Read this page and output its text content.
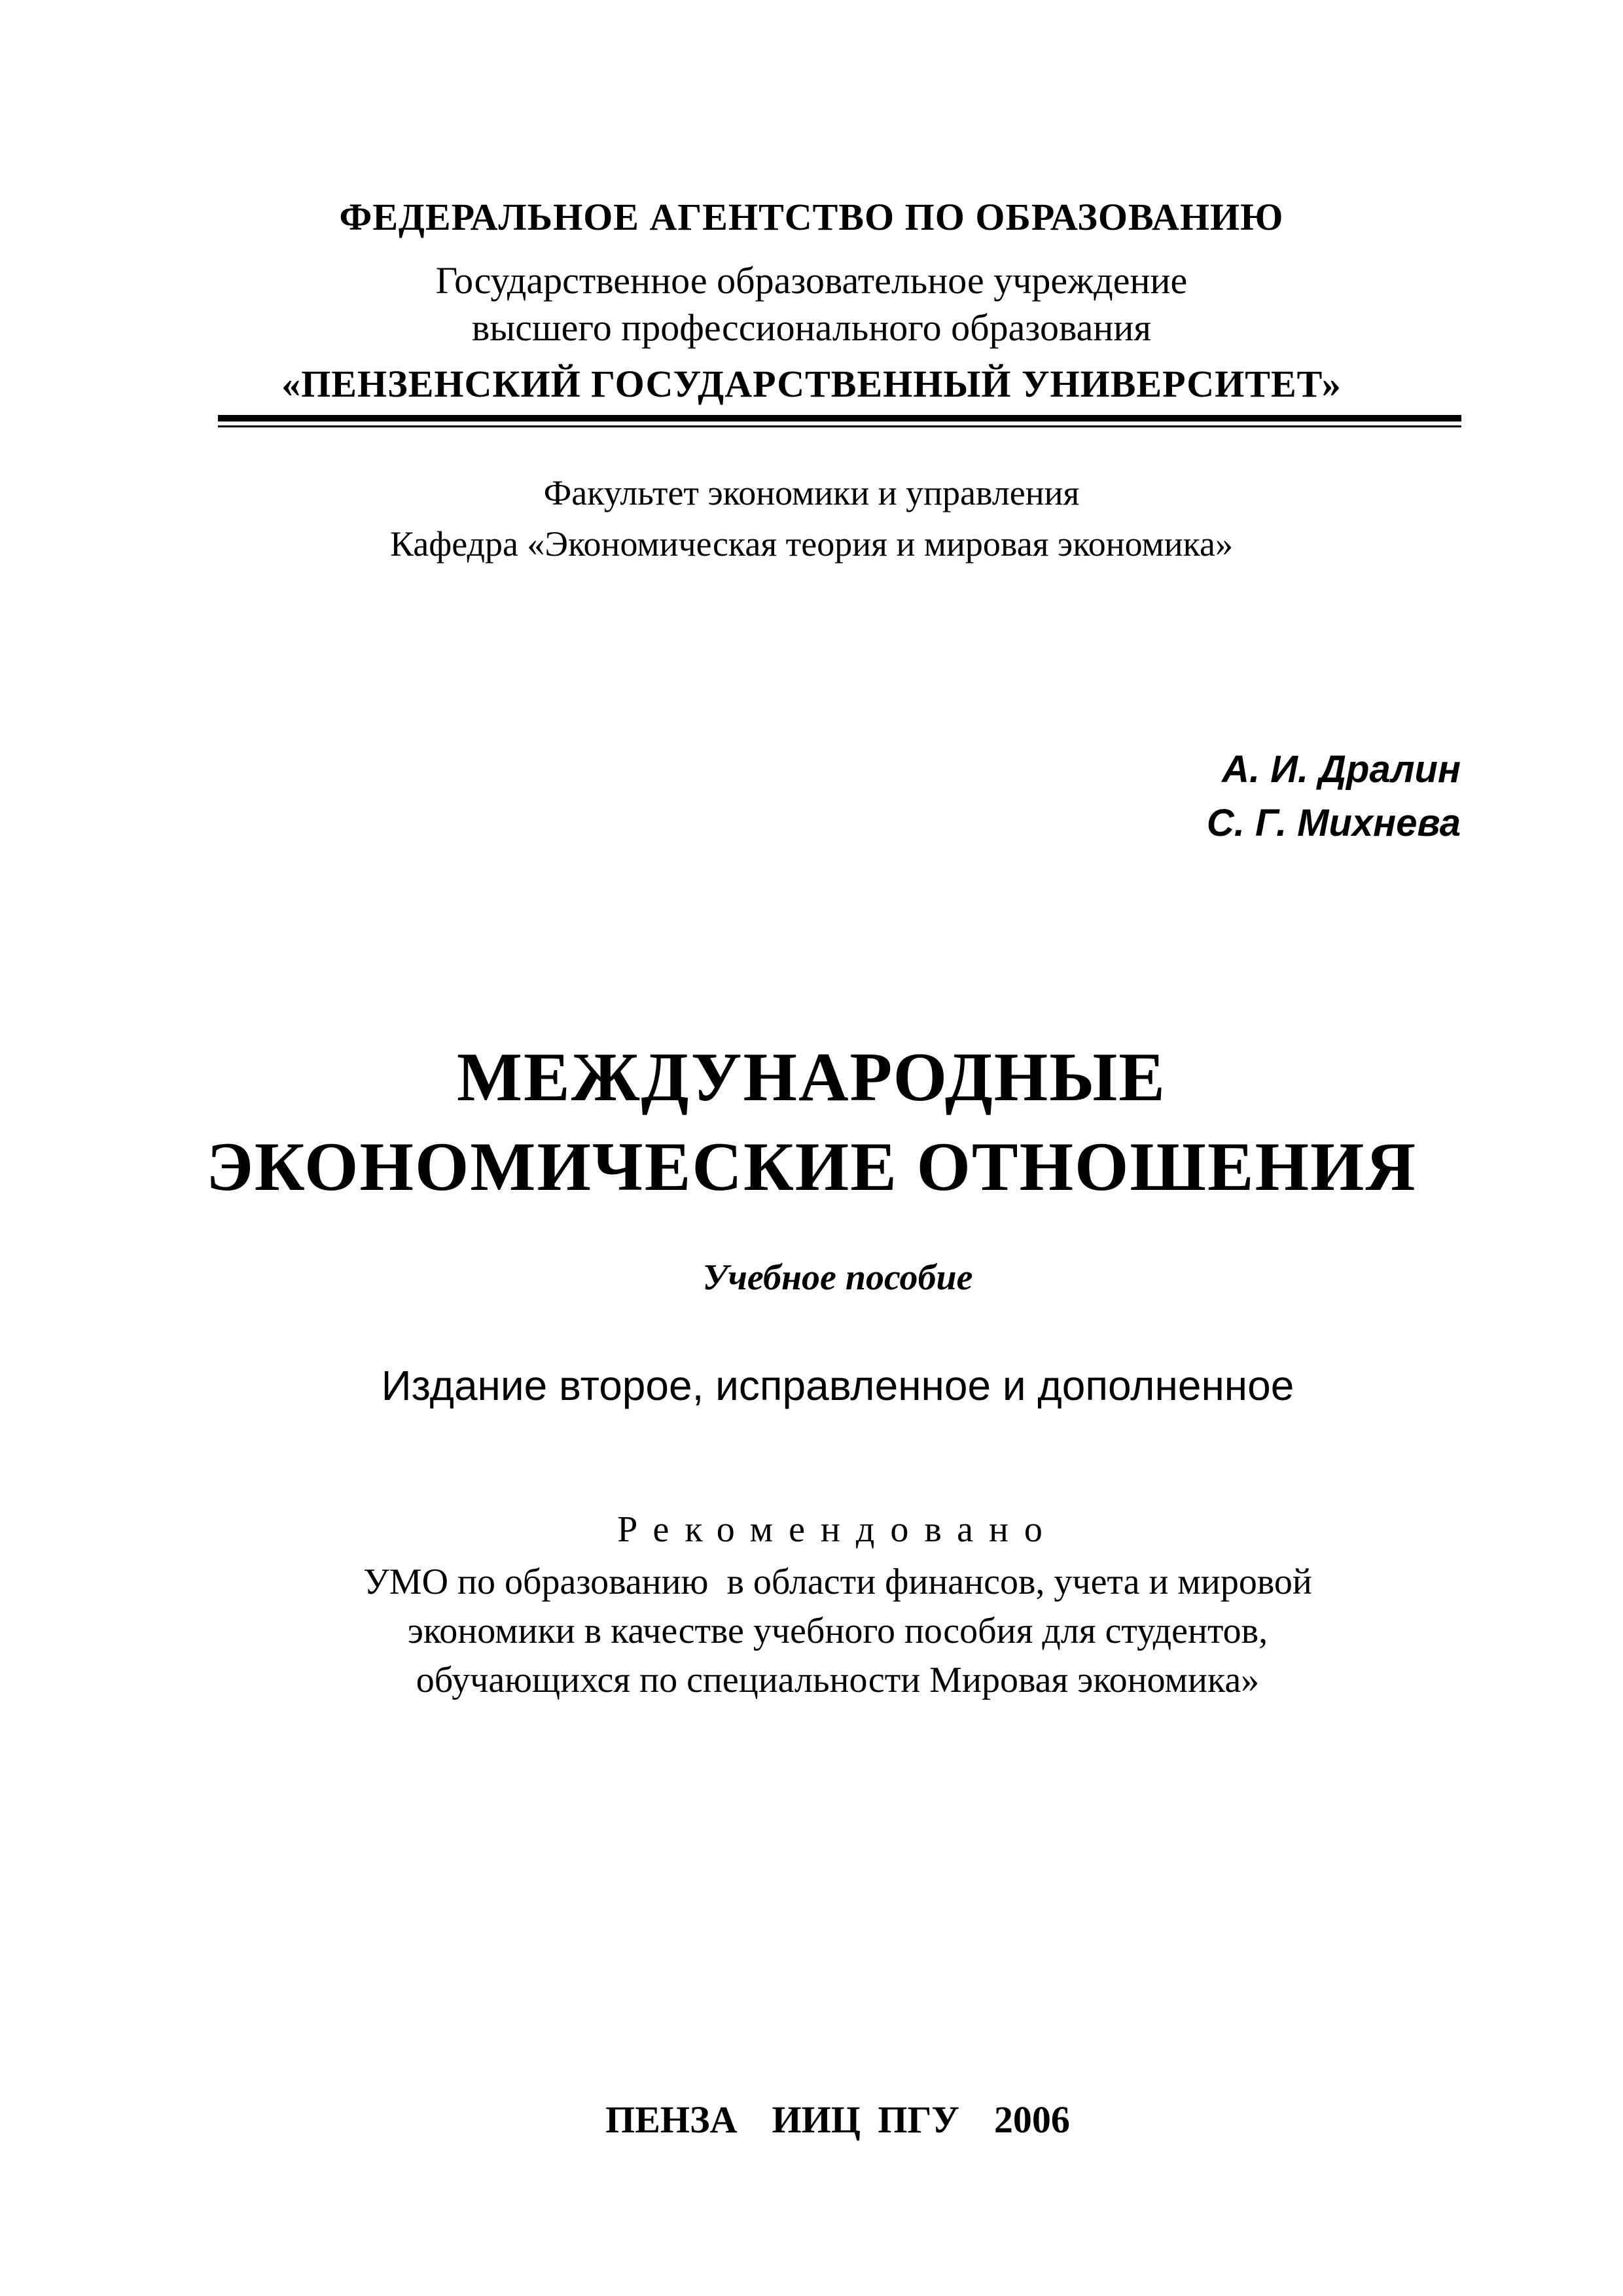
ФЕДЕРАЛЬНОЕ АГЕНТСТВО ПО ОБРАЗОВАНИЮ

Государственное образовательное учреждение

высшего профессионального образования

«ПЕНЗЕНСКИЙ ГОСУДАРСТВЕННЫЙ УНИВЕРСИТЕТ»

Факультет экономики и управления

Кафедра «Экономическая теория и мировая экономика»

А. И. Дралин

С. Г. Михнева

МЕЖДУНАРОДНЫЕ

ЭКОНОМИЧЕСКИЕ ОТНОШЕНИЯ

Учебное пособие

Издание второе, исправленное и дополненное

Рекомендовано

УМО по образованию  в области финансов, учета и мировой

экономики в качестве учебного пособия для студентов,

обучающихся по специальности Мировая экономика»

ПЕНЗА  ИИЦ ПГУ  2006
